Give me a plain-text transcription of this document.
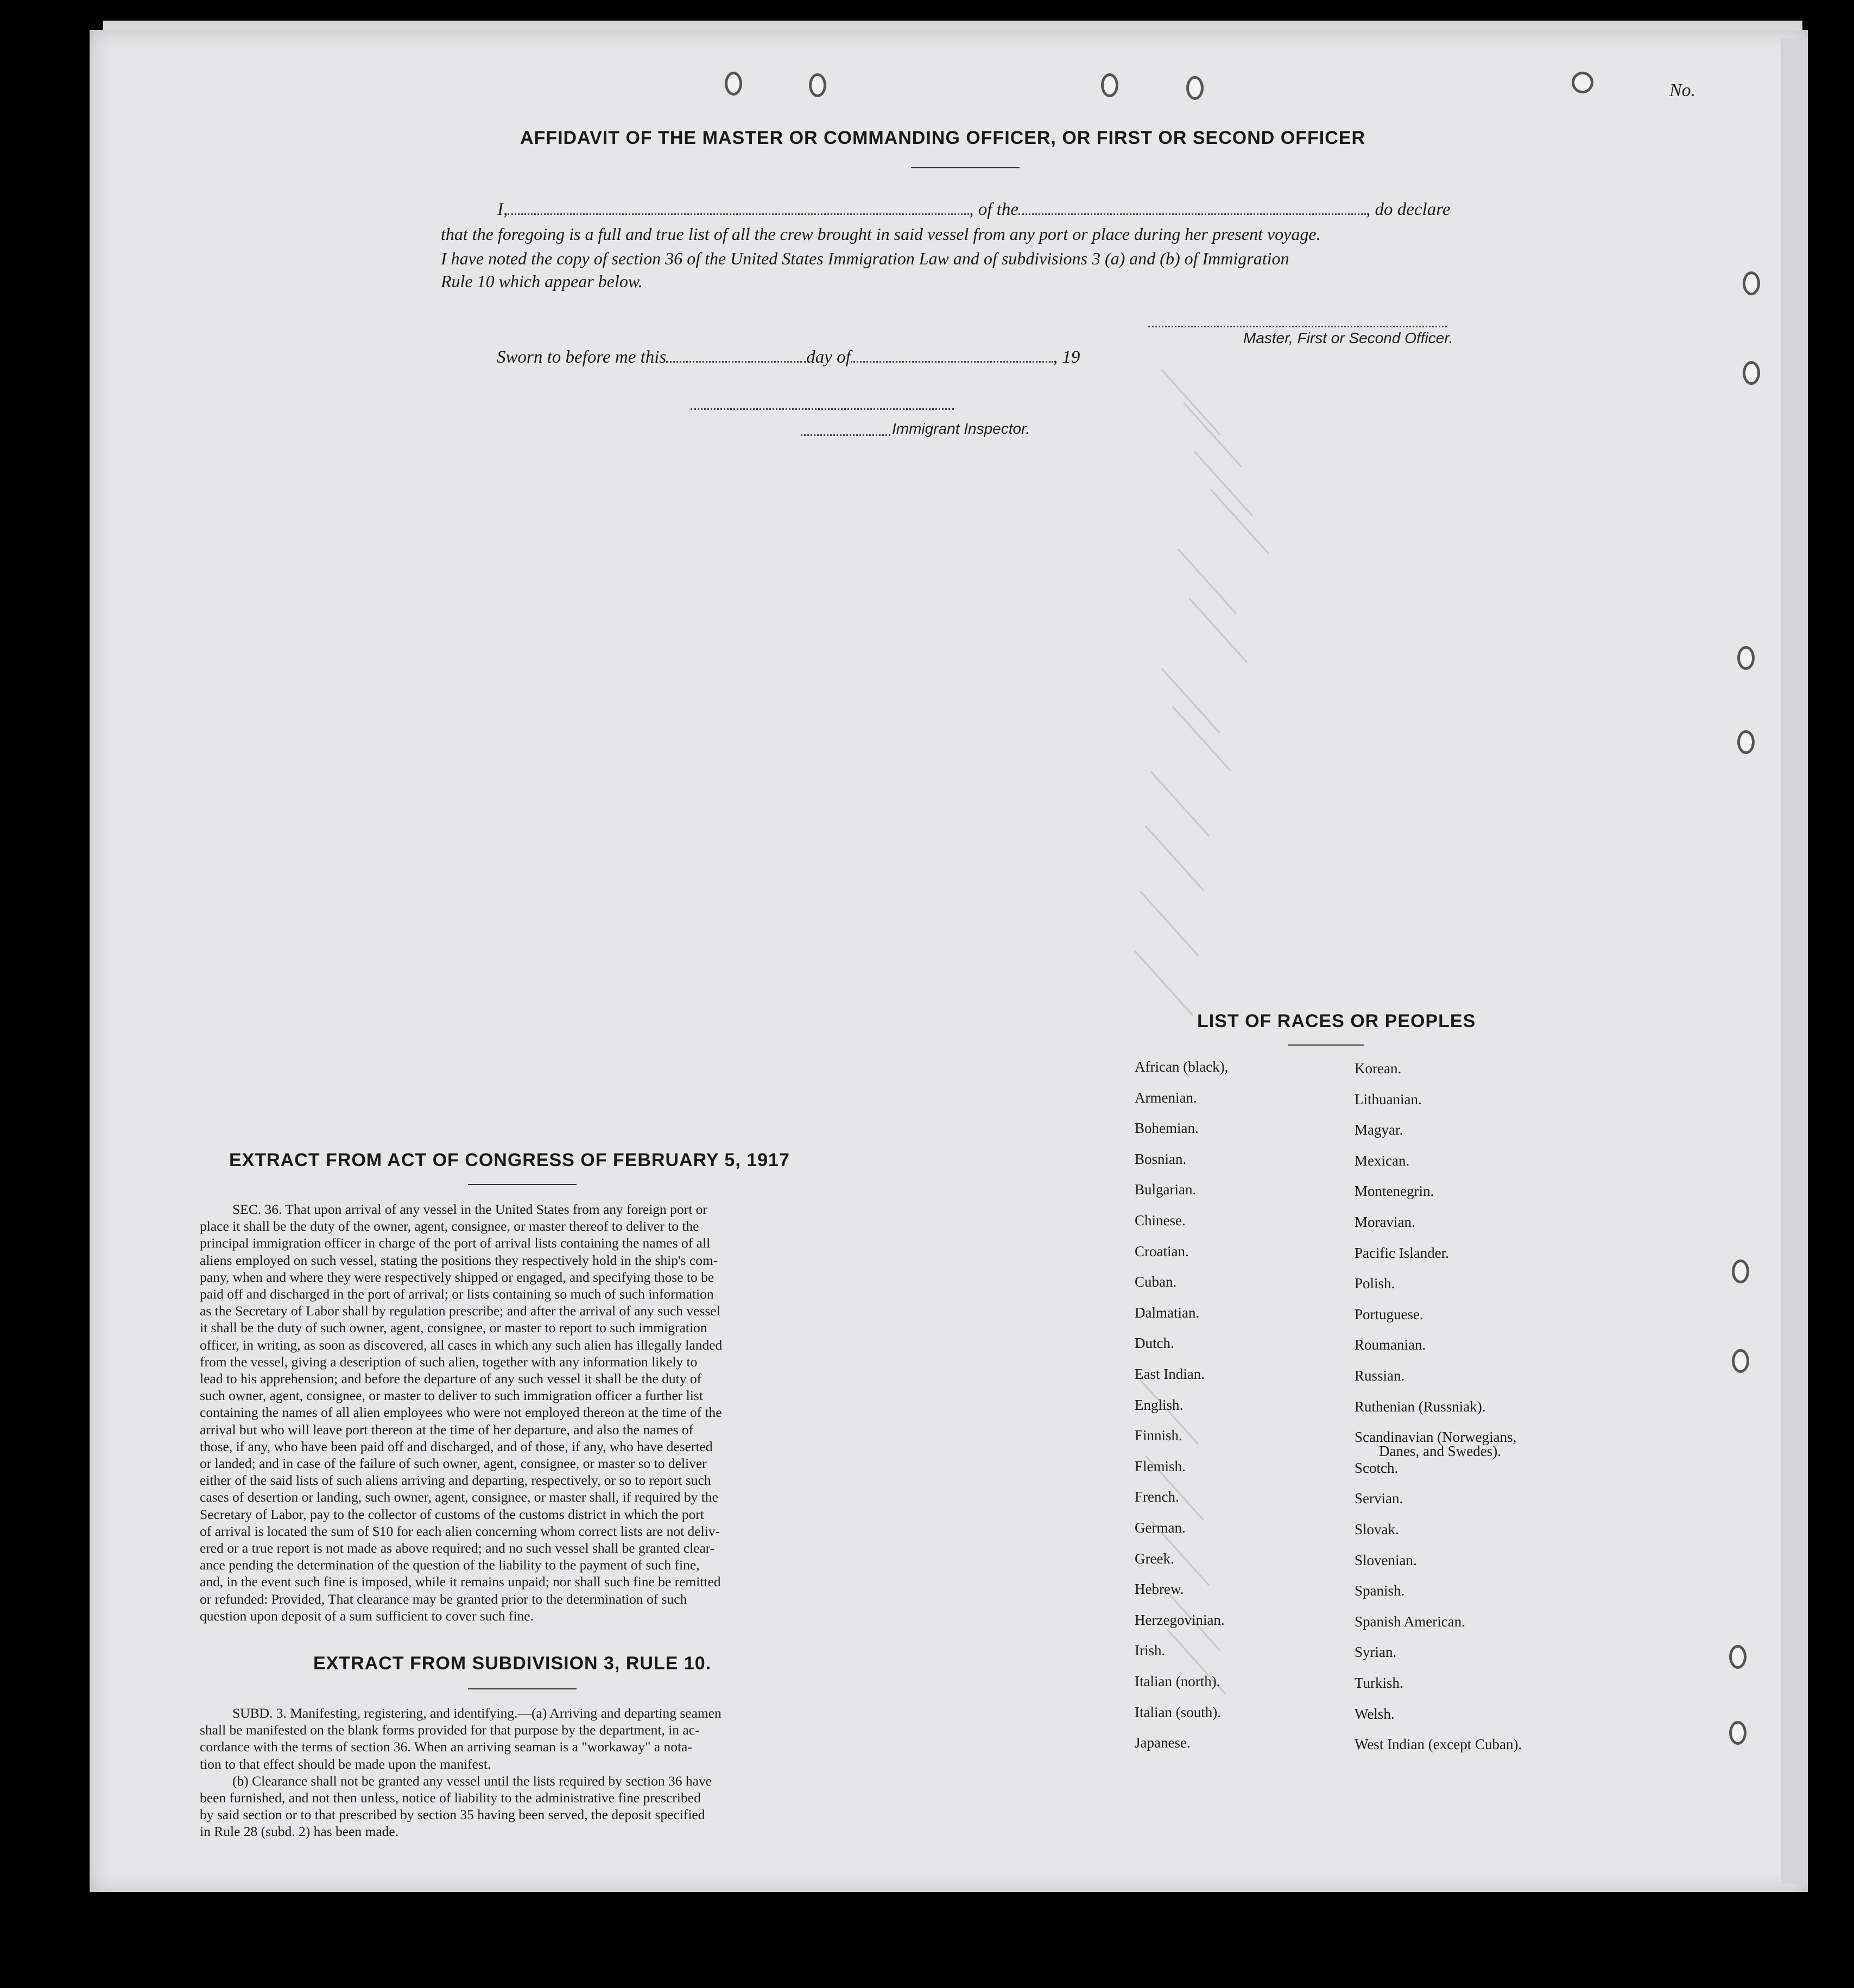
No.
AFFIDAVIT OF THE MASTER OR COMMANDING OFFICER, OR FIRST OR SECOND OFFICER
I,	, of the	, do declare
that the foregoing is a full and true list of all the crew brought in said vessel from any port or place during her present voyage.
I have noted the copy of section 36 of the United States Immigration Law and of subdivisions 3 (a) and (b) of Immigration
Rule 10 which appear below.
Master, First or Second Officer.
Sworn to before me this	day of	, 19
Immigrant Inspector.
LIST OF RACES OR PEOPLES
African (black),
Armenian.
Bohemian.
Bosnian.
Bulgarian.
Chinese.
Croatian.
Cuban.
Dalmatian.
Dutch.
East Indian.
English.
Finnish.
Flemish.
French.
German.
Greek.
Hebrew.
Herzegovinian.
Irish.
Italian (north).
Italian (south).
Japanese.
Korean.
Lithuanian.
Magyar.
Mexican.
Montenegrin.
Moravian.
Pacific Islander.
Polish.
Portuguese.
Roumanian.
Russian.
Ruthenian (Russniak).
Scandinavian (Norwegians,
Danes, and Swedes).
Scotch.
Servian.
Slovak.
Slovenian.
Spanish.
Spanish American.
Syrian.
Turkish.
Welsh.
West Indian (except Cuban).
EXTRACT FROM ACT OF CONGRESS OF FEBRUARY 5, 1917
SEC. 36. That upon arrival of any vessel in the United States from any foreign port or
place it shall be the duty of the owner, agent, consignee, or master thereof to deliver to the
principal immigration officer in charge of the port of arrival lists containing the names of all
aliens employed on such vessel, stating the positions they respectively hold in the ship's com-
pany, when and where they were respectively shipped or engaged, and specifying those to be
paid off and discharged in the port of arrival; or lists containing so much of such information
as the Secretary of Labor shall by regulation prescribe; and after the arrival of any such vessel
it shall be the duty of such owner, agent, consignee, or master to report to such immigration
officer, in writing, as soon as discovered, all cases in which any such alien has illegally landed
from the vessel, giving a description of such alien, together with any information likely to
lead to his apprehension; and before the departure of any such vessel it shall be the duty of
such owner, agent, consignee, or master to deliver to such immigration officer a further list
containing the names of all alien employees who were not employed thereon at the time of the
arrival but who will leave port thereon at the time of her departure, and also the names of
those, if any, who have been paid off and discharged, and of those, if any, who have deserted
or landed; and in case of the failure of such owner, agent, consignee, or master so to deliver
either of the said lists of such aliens arriving and departing, respectively, or so to report such
cases of desertion or landing, such owner, agent, consignee, or master shall, if required by the
Secretary of Labor, pay to the collector of customs of the customs district in which the port
of arrival is located the sum of $10 for each alien concerning whom correct lists are not deliv-
ered or a true report is not made as above required; and no such vessel shall be granted clear-
ance pending the determination of the question of the liability to the payment of such fine,
and, in the event such fine is imposed, while it remains unpaid; nor shall such fine be remitted
or refunded: Provided, That clearance may be granted prior to the determination of such
question upon deposit of a sum sufficient to cover such fine.
EXTRACT FROM SUBDIVISION 3, RULE 10.
SUBD. 3. Manifesting, registering, and identifying.—(a) Arriving and departing seamen
shall be manifested on the blank forms provided for that purpose by the department, in ac-
cordance with the terms of section 36. When an arriving seaman is a "workaway" a nota-
tion to that effect should be made upon the manifest.
(b) Clearance shall not be granted any vessel until the lists required by section 36 have
been furnished, and not then unless, notice of liability to the administrative fine prescribed
by said section or to that prescribed by section 35 having been served, the deposit specified
in Rule 28 (subd. 2) has been made.
